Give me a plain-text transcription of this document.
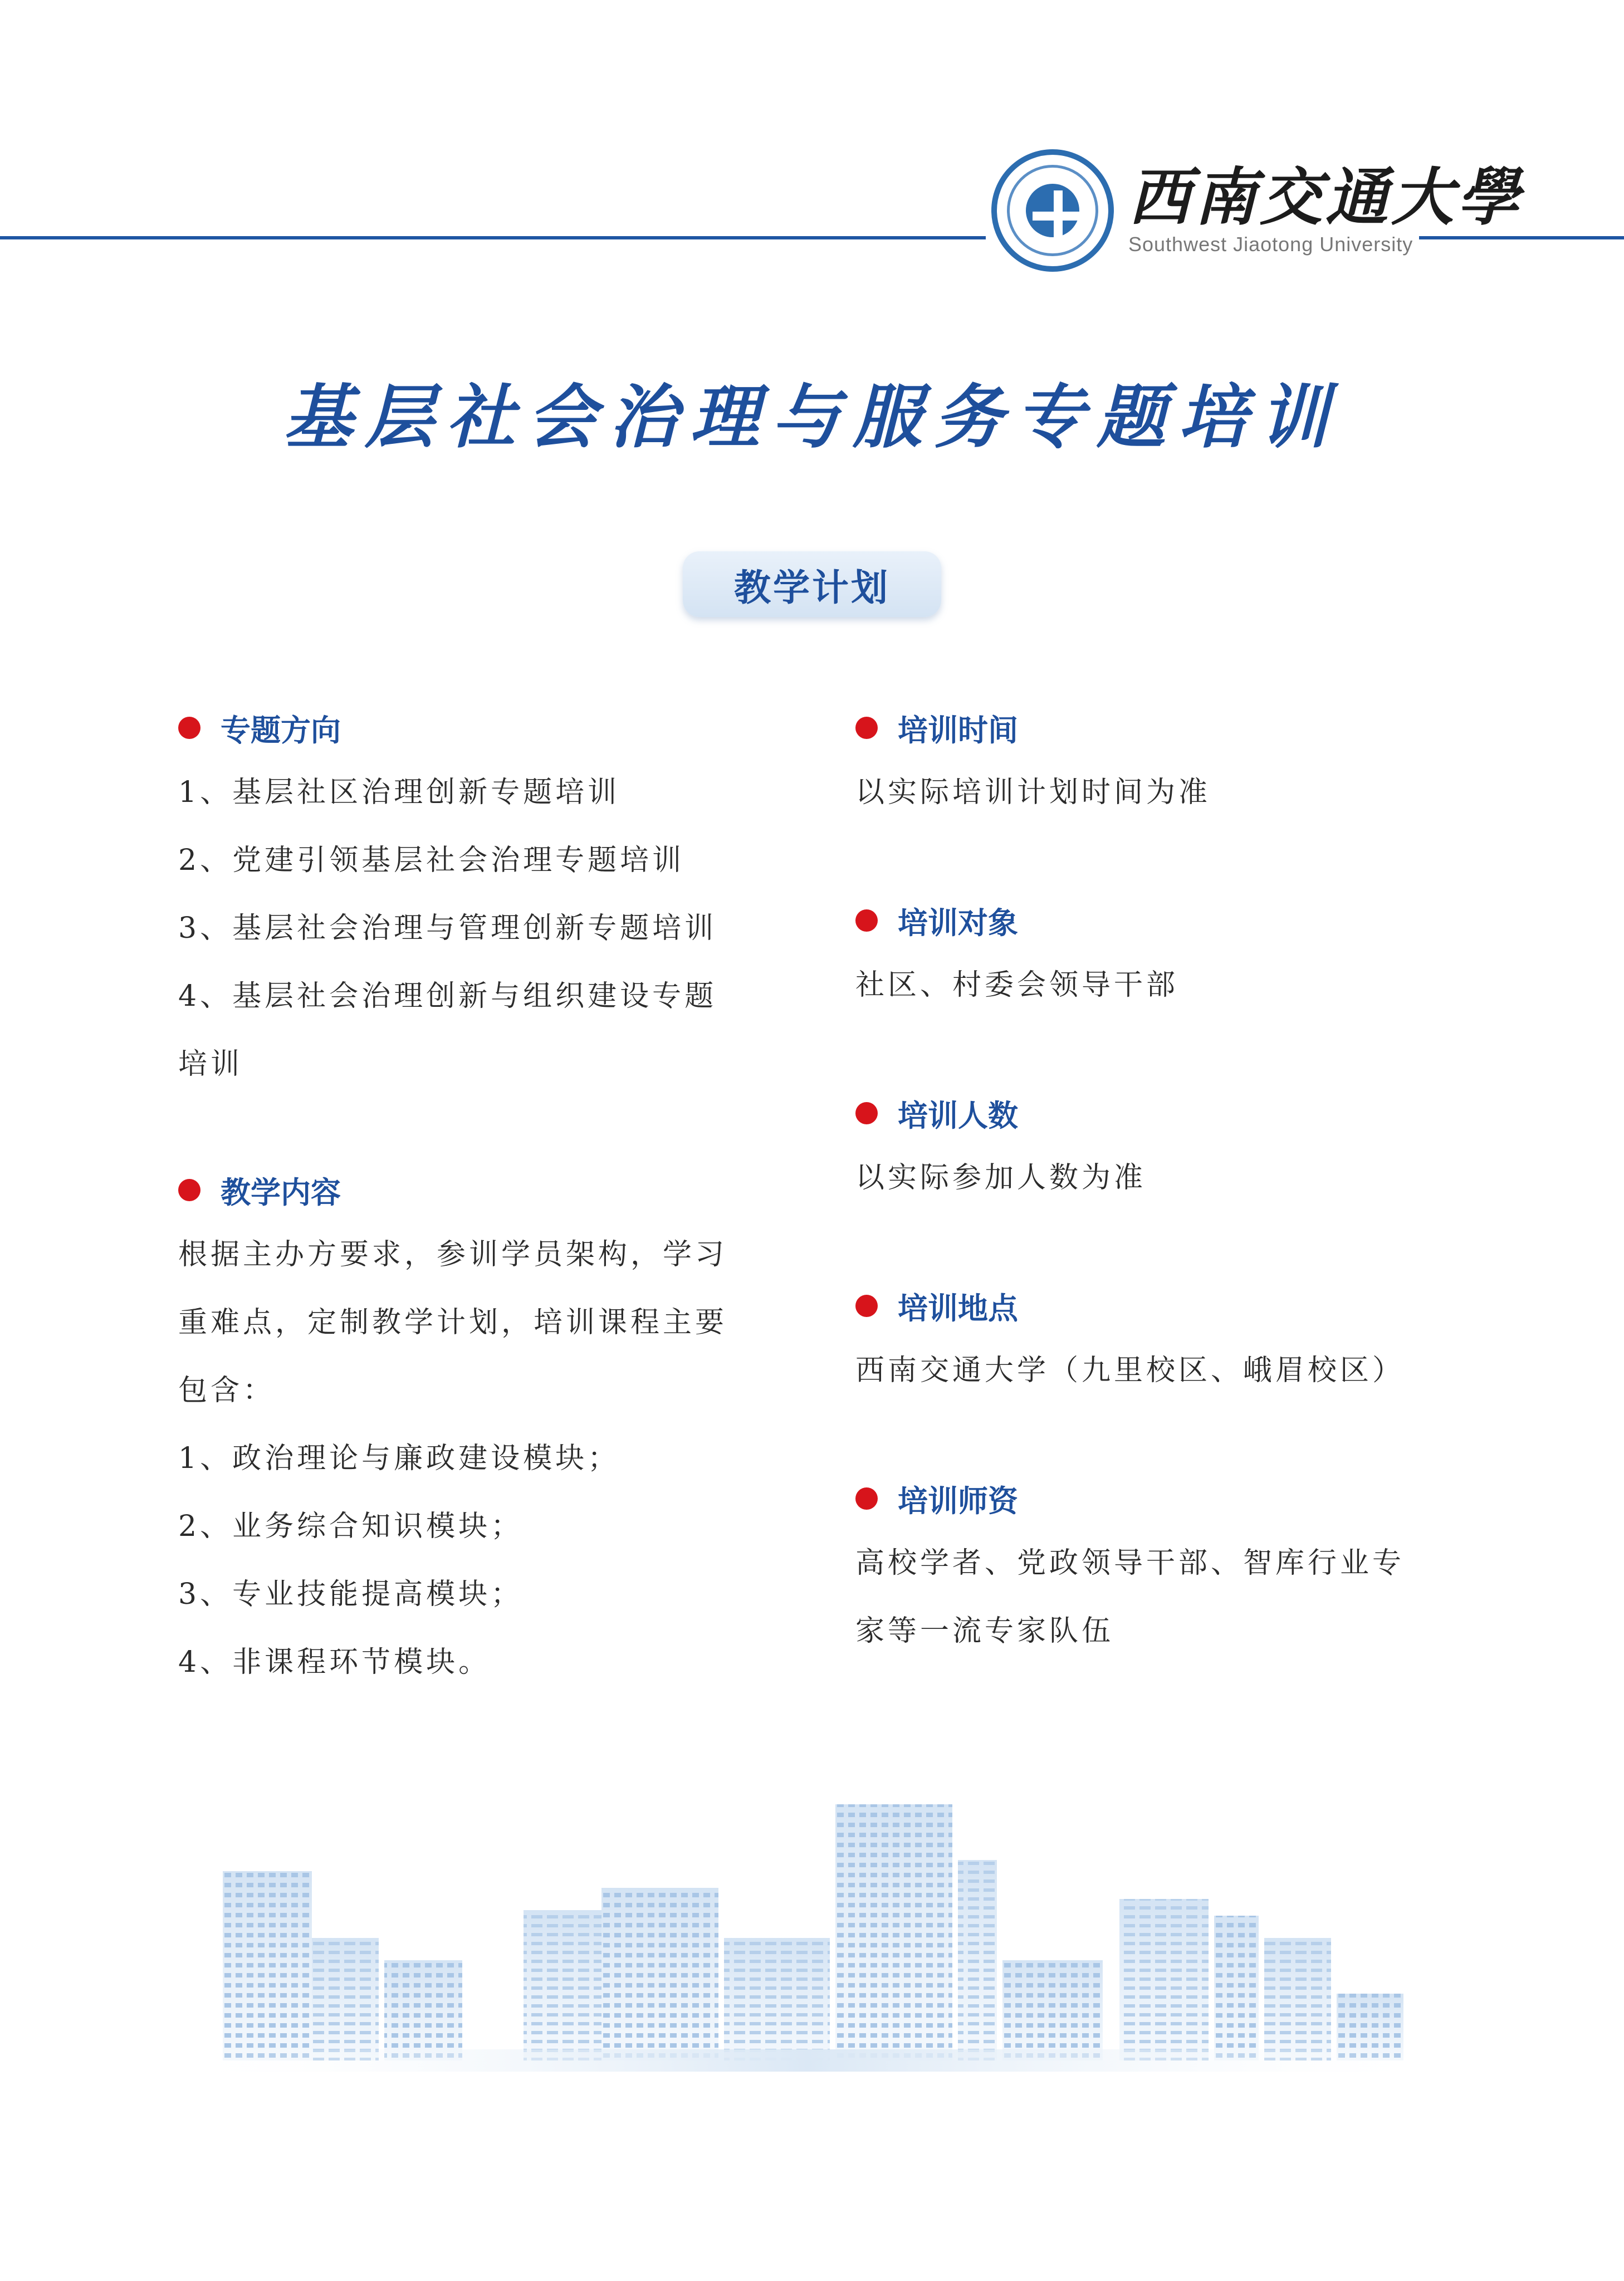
西南交通大學
Southwest Jiaotong University
基层社会治理与服务专题培训
教学计划
专题方向
1、基层社区治理创新专题培训
2、党建引领基层社会治理专题培训
3、基层社会治理与管理创新专题培训
4、基层社会治理创新与组织建设专题
培训
教学内容
根据主办方要求，参训学员架构，学习
重难点，定制教学计划，培训课程主要
包含：
1、政治理论与廉政建设模块；
2、业务综合知识模块；
3、专业技能提高模块；
4、非课程环节模块。
培训时间
以实际培训计划时间为准
培训对象
社区、村委会领导干部
培训人数
以实际参加人数为准
培训地点
西南交通大学（九里校区、峨眉校区）
培训师资
高校学者、党政领导干部、智库行业专
家等一流专家队伍
